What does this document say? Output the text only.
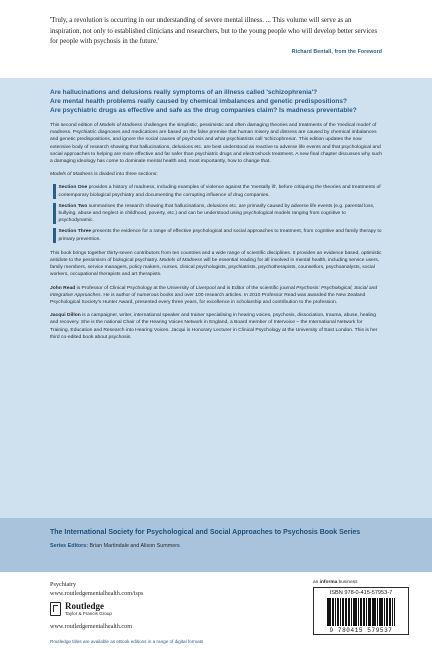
'Truly, a revolution is occurring in our understanding of severe mental illness. ... This volume will serve as an inspiration, not only to established clinicians and researchers, but to the young people who will develop better services for people with psychosis in the future.'

Richard Bentall, from the Foreword

Are hallucinations and delusions really symptoms of an illness called 'schizophrenia'?
Are mental health problems really caused by chemical imbalances and genetic predispositions?
Are psychiatric drugs as effective and safe as the drug companies claim? Is madness preventable?

This second edition of Models of Madness challenges the simplistic, pessimistic and often damaging theories and treatments of the 'medical model' of madness. Psychiatric diagnoses and medications are based on the false premise that human misery and distress are caused by chemical imbalances and genetic predispositions, and ignore the social causes of psychosis and what psychiatrists call 'schizophrenia'. This edition updates the now extensive body of research showing that hallucinations, delusions etc. are best understood as reactive to adverse life events and that psychological and social approaches to helping are more effective and far safer than psychiatric drugs and electroshock treatment. A new final chapter discusses why such a damaging ideology has come to dominate mental health and, most importantly, how to change that.

Models of Madness is divided into three sections:

Section One provides a history of madness, including examples of violence against the 'mentally ill', before critiquing the theories and treatments of contemporary biological psychiatry and documenting the corrupting influence of drug companies.

Section Two summarises the research showing that hallucinations, delusions etc. are primarily caused by adverse life events (e.g. parental loss, bullying, abuse and neglect in childhood, poverty, etc.) and can be understood using psychological models ranging from cognitive to psychodynamic.

Section Three presents the evidence for a range of effective psychological and social approaches to treatment, from cognitive and family therapy to primary prevention.

This book brings together thirty-seven contributors from ten countries and a wide range of scientific disciplines. It provides an evidence based, optimistic antidote to the pessimism of biological psychiatry. Models of Madness will be essential reading for all involved in mental health, including service users, family members, service managers, policy makers, nurses, clinical psychologists, psychiatrists, psychotherapists, counsellors, psychoanalysts, social workers, occupational therapists and art therapists.

John Read is Professor of Clinical Psychology at the University of Liverpool and is Editor of the scientific journal Psychosis: Psychological, Social and Integrative Approaches. He is author of numerous books and over 100 research articles. In 2010 Professor Read was awarded the New Zealand Psychological Society's Hunter Award, presented every three years, for excellence in scholarship and contribution to the profession.

Jacqui Dillon is a campaigner, writer, international speaker and trainer specialising in hearing voices, psychosis, dissociation, trauma, abuse, healing and recovery. She is the national Chair of the Hearing Voices Network in England, a Board member of Intervoice – the International Network for Training, Education and Research into Hearing Voices. Jacqui is Honorary Lecturer in Clinical Psychology at the University of East London. This is her third co-edited book about psychosis.

The International Society for Psychological and Social Approaches to Psychosis Book Series
Series Editors: Brian Martindale and Alison Summers
Psychiatry
www.routledgementalhealth.com/isps
Routledge
Taylor & Francis Group
www.routledgementalhealth.com
Routledge titles are available as eBook editions in a range of digital formats
an informa business
ISBN 978-0-415-57953-7
9 780415 579537
